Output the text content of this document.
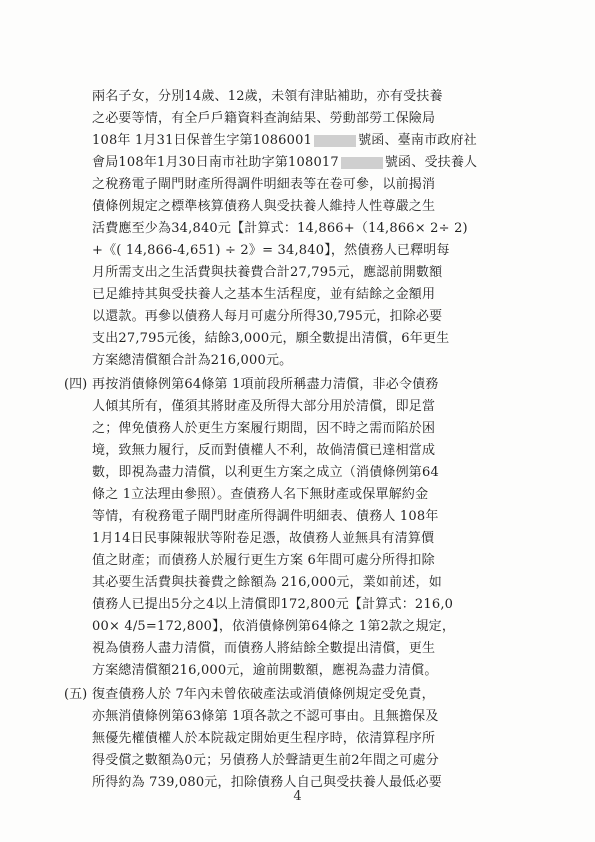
兩名子女，分別14歲、12歲，未領有津貼補助，亦有受扶養
之必要等情，有全戶戶籍資料查詢結果、勞動部勞工保險局
108年 1月31日保普生字第1086001	號函、臺南市政府社
會局108年1月30日南市社助字第108017	號函、受扶養人
之稅務電子閘門財產所得調件明細表等在卷可參，以前揭消
債條例規定之標準核算債務人與受扶養人維持人性尊嚴之生
活費應至少為34,840元【計算式：14,866+（14,866× 2÷ 2)
+《( 14,866-4,651) ÷ 2》= 34,840】，然債務人已釋明每
月所需支出之生活費與扶養費合計27,795元，應認前開數額
已足維持其與受扶養人之基本生活程度，並有結餘之金額用
以還款。再參以債務人每月可處分所得30,795元，扣除必要
支出27,795元後，結餘3,000元，願全數提出清償，6年更生
方案總清償額合計為216,000元。
(四) 再按消債條例第64條第 1項前段所稱盡力清償，非必令債務
人傾其所有，僅須其將財產及所得大部分用於清償，即足當
之；俾免債務人於更生方案履行期間，因不時之需而陷於困
境，致無力履行，反而對債權人不利，故倘清償已達相當成
數，即視為盡力清償，以利更生方案之成立（消債條例第64
條之 1立法理由參照）。查債務人名下無財產或保單解約金
等情，有稅務電子閘門財產所得調件明細表、債務人 108年
1月14日民事陳報狀等附卷足憑，故債務人並無具有清算價
值之財產；而債務人於履行更生方案 6年間可處分所得扣除
其必要生活費與扶養費之餘額為 216,000元，業如前述，如
債務人已提出5分之4以上清償即172,800元【計算式：216,0
00× 4/5=172,800】，依消債條例第64條之 1第2款之規定，
視為債務人盡力清償，而債務人將結餘全數提出清償，更生
方案總清償額216,000元，逾前開數額，應視為盡力清償。
(五) 復查債務人於 7年內未曾依破產法或消債條例規定受免責，
亦無消債條例第63條第 1項各款之不認可事由。且無擔保及
無優先權債權人於本院裁定開始更生程序時，依清算程序所
得受償之數額為0元；另債務人於聲請更生前2年間之可處分
所得約為 739,080元，扣除債務人自己與受扶養人最低必要
4
